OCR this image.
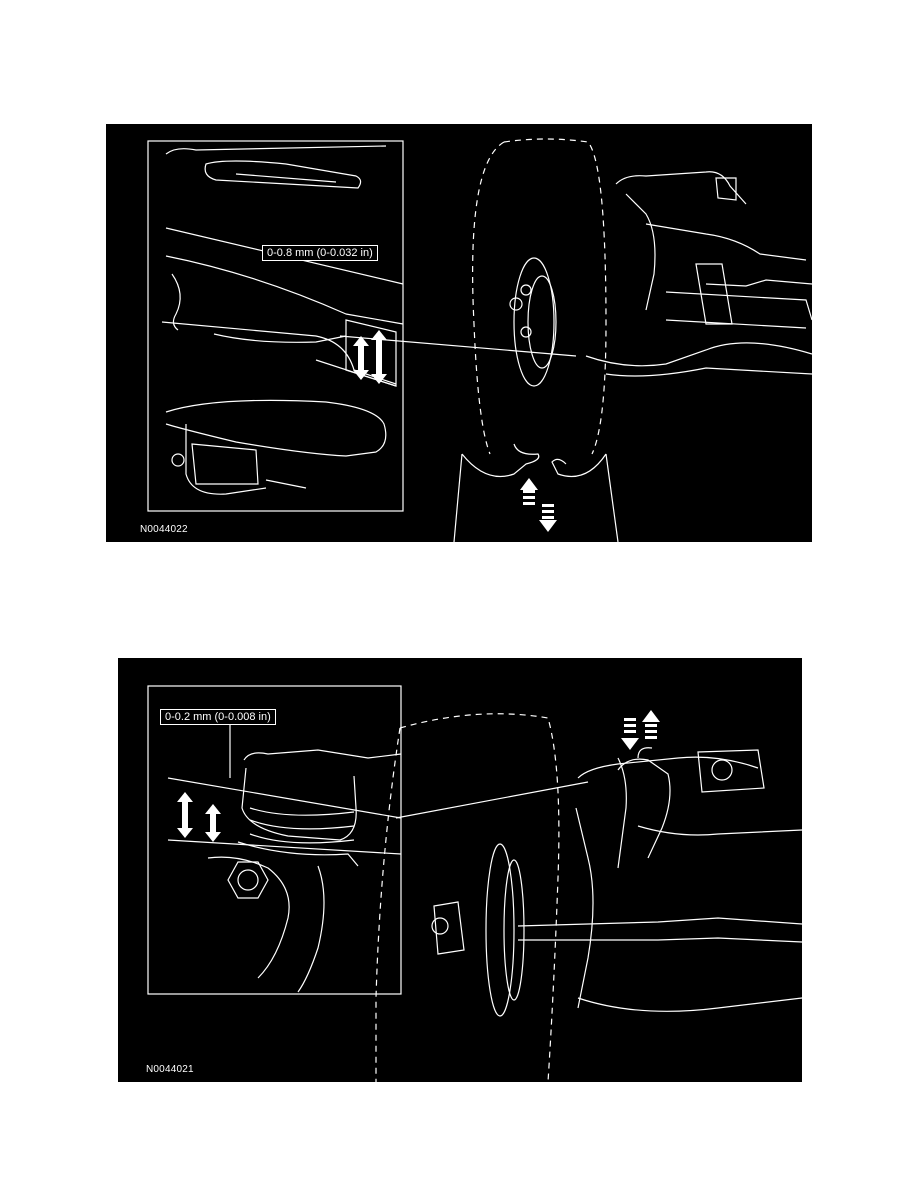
0-0.8 mm (0-0.032 in)
N0044022
0-0.2 mm (0-0.008 in)
N0044021
